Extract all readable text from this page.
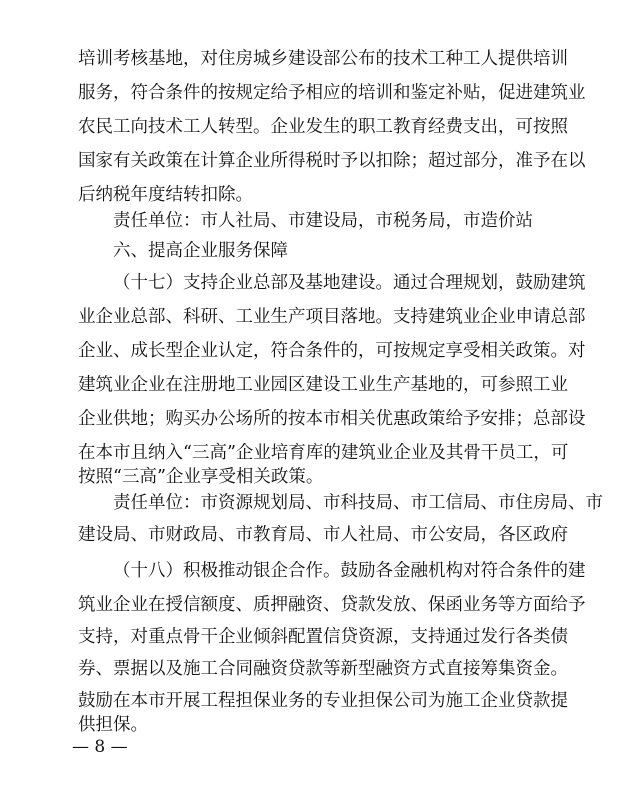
培训考核基地，对住房城乡建设部公布的技术工种工人提供培训
服务，符合条件的按规定给予相应的培训和鉴定补贴，促进建筑业
农民工向技术工人转型。企业发生的职工教育经费支出，可按照
国家有关政策在计算企业所得税时予以扣除；超过部分，准予在以
后纳税年度结转扣除。
责任单位：市人社局、市建设局，市税务局，市造价站
六、提高企业服务保障
（十七）支持企业总部及基地建设。通过合理规划，鼓励建筑
业企业总部、科研、工业生产项目落地。支持建筑业企业申请总部
企业、成长型企业认定，符合条件的，可按规定享受相关政策。对
建筑业企业在注册地工业园区建设工业生产基地的，可参照工业
企业供地；购买办公场所的按本市相关优惠政策给予安排；总部设
在本市且纳入“三高”企业培育库的建筑业企业及其骨干员工，可
按照“三高”企业享受相关政策。
责任单位：市资源规划局、市科技局、市工信局、市住房局、市
建设局、市财政局、市教育局、市人社局、市公安局，各区政府
（十八）积极推动银企合作。鼓励各金融机构对符合条件的建
筑业企业在授信额度、质押融资、贷款发放、保函业务等方面给予
支持，对重点骨干企业倾斜配置信贷资源，支持通过发行各类债
券、票据以及施工合同融资贷款等新型融资方式直接筹集资金。
鼓励在本市开展工程担保业务的专业担保公司为施工企业贷款提
供担保。
— 8 —
